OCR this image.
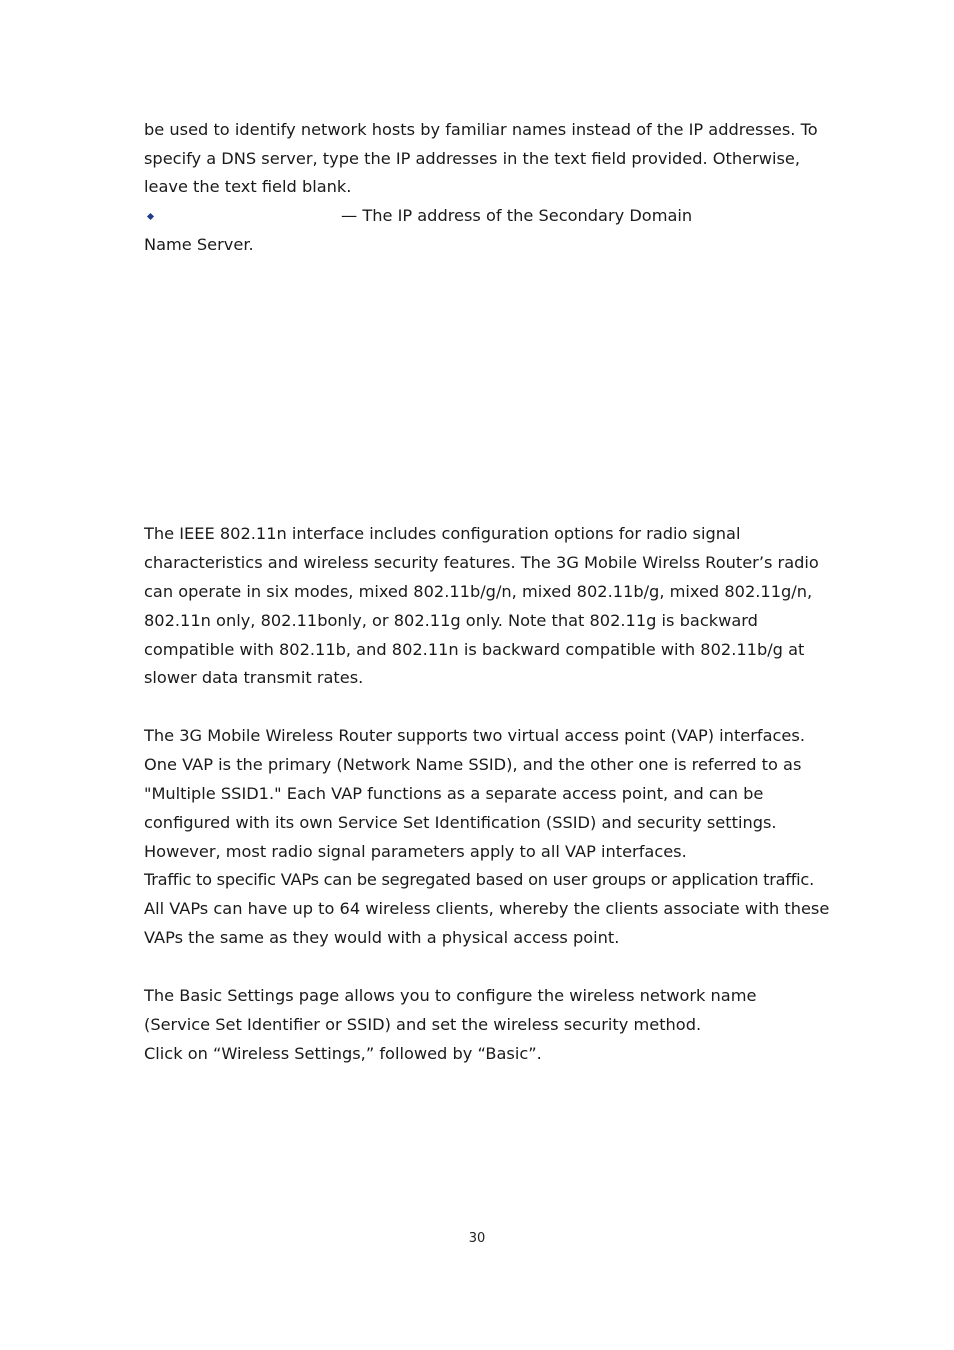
be used to identify network hosts by familiar names instead of the IP addresses. To
specify a DNS server, type the IP addresses in the text field provided. Otherwise,
leave the text field blank.
— The IP address of the Secondary Domain
Name Server.
The IEEE 802.11n interface includes configuration options for radio signal
characteristics and wireless security features. The 3G Mobile Wirelss Router’s radio
can operate in six modes, mixed 802.11b/g/n, mixed 802.11b/g, mixed 802.11g/n,
802.11n only, 802.11bonly, or 802.11g only. Note that 802.11g is backward
compatible with 802.11b, and 802.11n is backward compatible with 802.11b/g at
slower data transmit rates.
The 3G Mobile Wireless Router supports two virtual access point (VAP) interfaces.
One VAP is the primary (Network Name SSID), and the other one is referred to as
"Multiple SSID1." Each VAP functions as a separate access point, and can be
configured with its own Service Set Identification (SSID) and security settings.
However, most radio signal parameters apply to all VAP interfaces.
Traffic to specific VAPs can be segregated based on user groups or application traffic.
All VAPs can have up to 64 wireless clients, whereby the clients associate with these
VAPs the same as they would with a physical access point.
The Basic Settings page allows you to configure the wireless network name
(Service Set Identifier or SSID) and set the wireless security method.
Click on “Wireless Settings,” followed by “Basic”.
30
